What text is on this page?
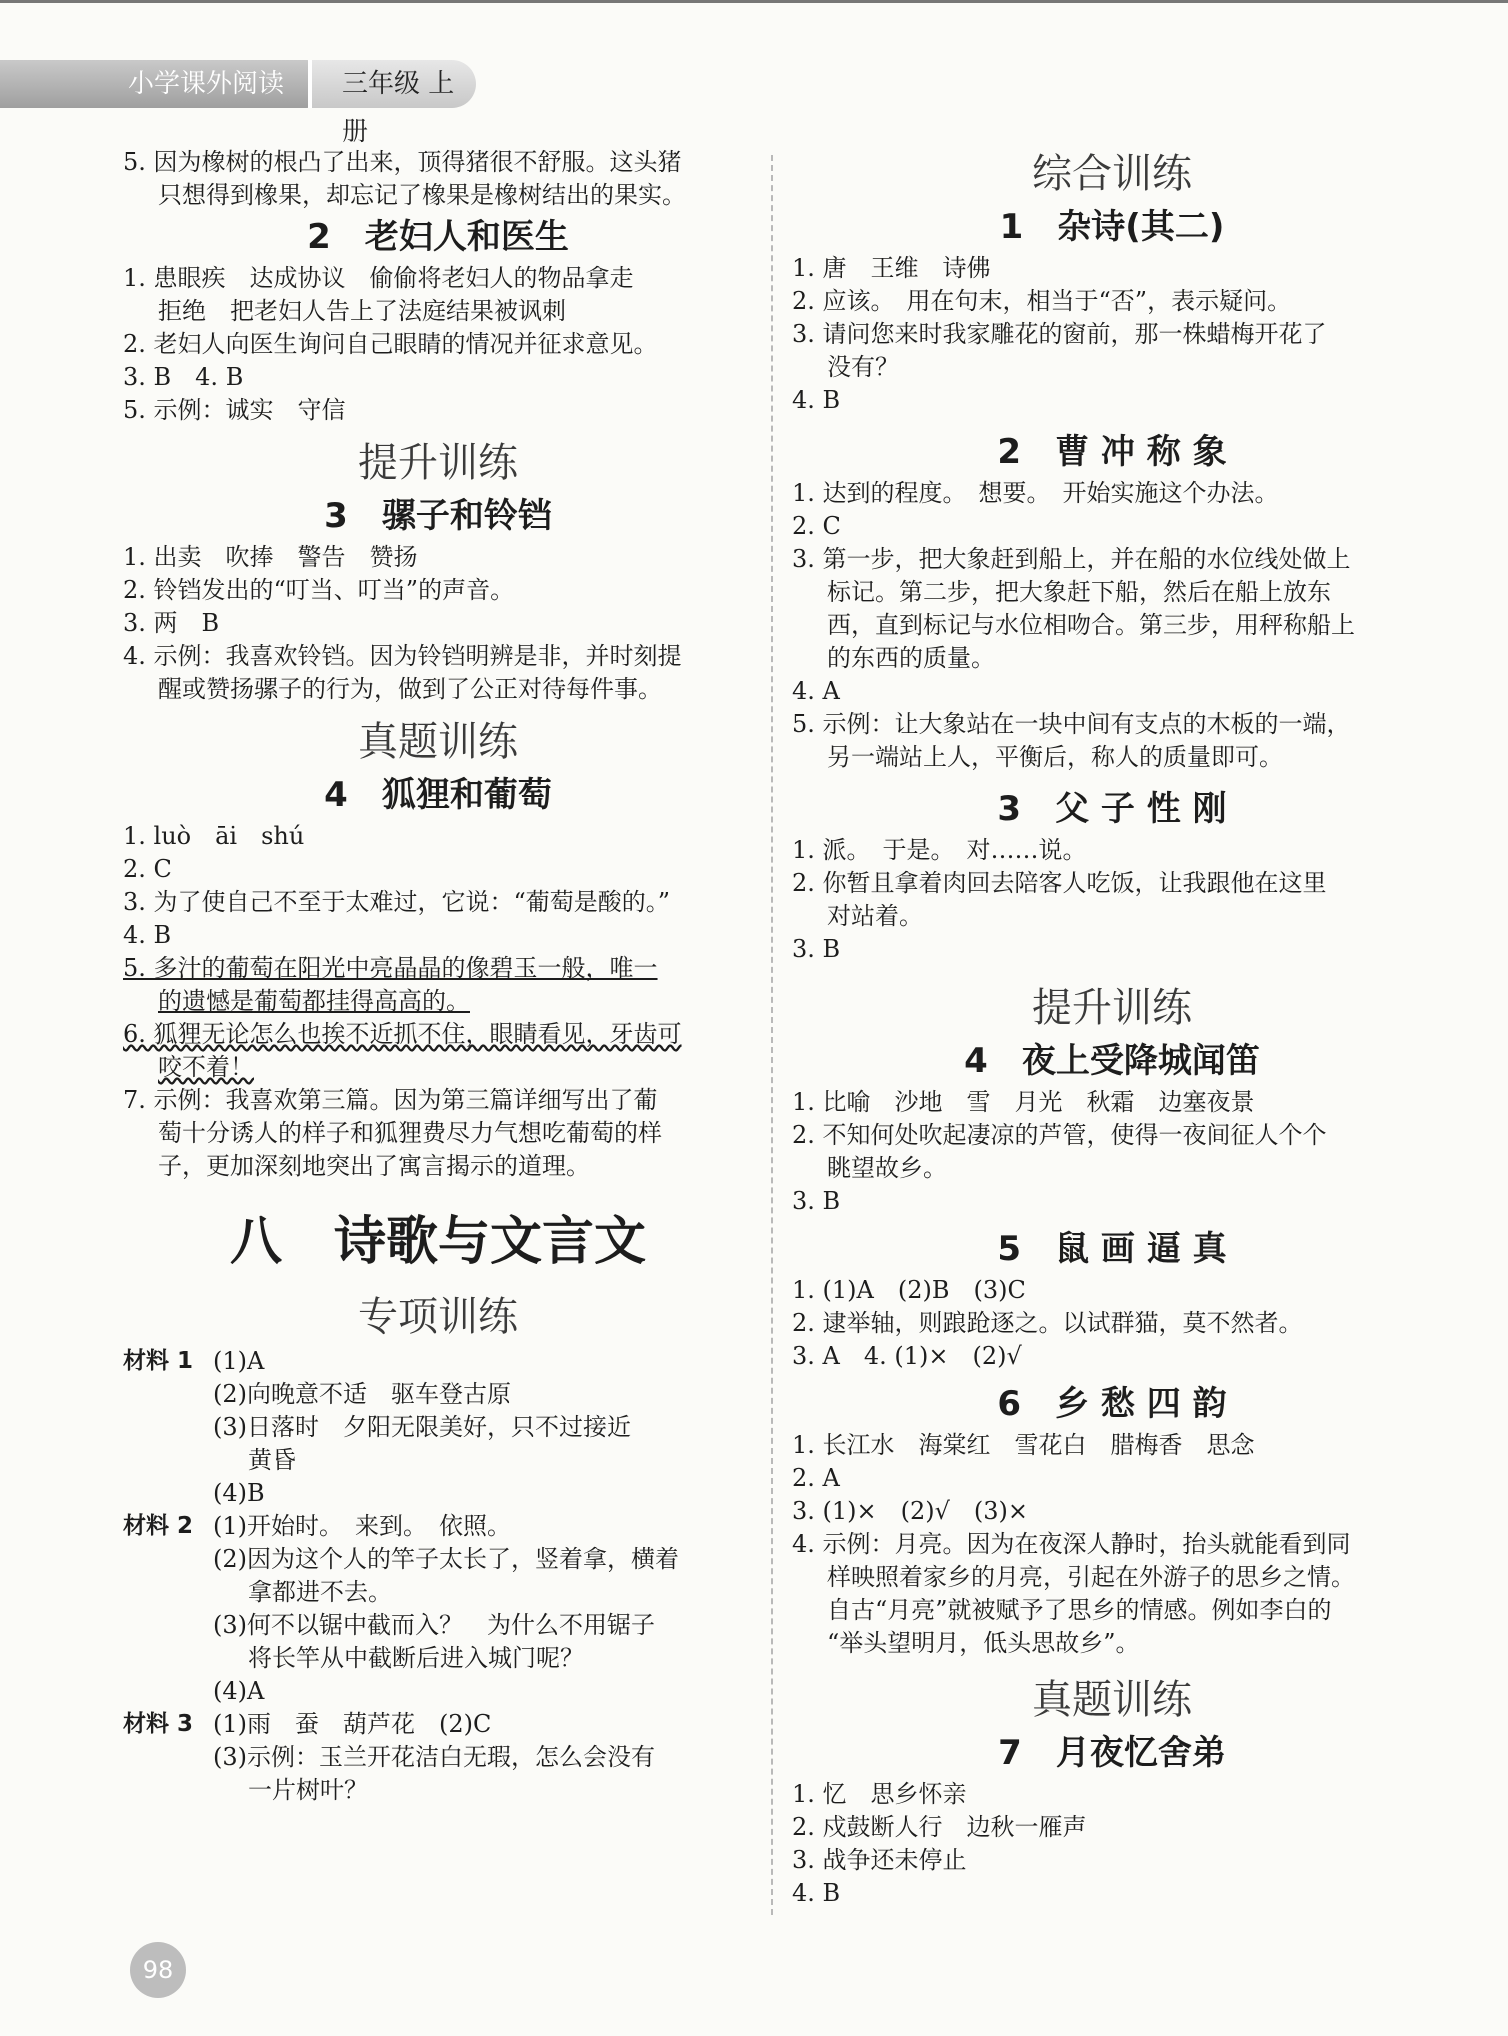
小学课外阅读	三年级 上册
5. 因为橡树的根凸了出来，顶得猪很不舒服。这头猪
只想得到橡果，却忘记了橡果是橡树结出的果实。
2　老妇人和医生
1. 患眼疾　达成协议　偷偷将老妇人的物品拿走
拒绝　把老妇人告上了法庭结果被讽刺
2. 老妇人向医生询问自己眼睛的情况并征求意见。
3. B　4. B
5. 示例：诚实　守信
提升训练
3　骡子和铃铛
1. 出卖　吹捧　警告　赞扬
2. 铃铛发出的“叮当、叮当”的声音。
3. 两　B
4. 示例：我喜欢铃铛。因为铃铛明辨是非，并时刻提
醒或赞扬骡子的行为，做到了公正对待每件事。
真题训练
4　狐狸和葡萄
1. luò　āi　shú
2. C
3. 为了使自己不至于太难过，它说：“葡萄是酸的。”
4. B
5. 多汁的葡萄在阳光中亮晶晶的像碧玉一般，唯一
的遗憾是葡萄都挂得高高的。
6. 狐狸无论怎么也挨不近抓不住，眼睛看见，牙齿可
咬不着！
7. 示例：我喜欢第三篇。因为第三篇详细写出了葡
萄十分诱人的样子和狐狸费尽力气想吃葡萄的样
子，更加深刻地突出了寓言揭示的道理。
八　诗歌与文言文
专项训练
材料 1 (1)A
(2)向晚意不适　驱车登古原
(3)日落时　夕阳无限美好，只不过接近
黄昏
(4)B
材料 2 (1)开始时。　来到。　依照。
(2)因为这个人的竿子太长了，竖着拿，横着
拿都进不去。
(3)何不以锯中截而入？　为什么不用锯子
将长竿从中截断后进入城门呢？
(4)A
材料 3 (1)雨　蚕　葫芦花　(2)C
(3)示例：玉兰开花洁白无瑕，怎么会没有
一片树叶？
综合训练
1　杂诗(其二)
1. 唐　王维　诗佛
2. 应该。　用在句末，相当于“否”，表示疑问。
3. 请问您来时我家雕花的窗前，那一株蜡梅开花了
没有？
4. B
2　曹 冲 称 象
1. 达到的程度。　想要。　开始实施这个办法。
2. C
3. 第一步，把大象赶到船上，并在船的水位线处做上
标记。第二步，把大象赶下船，然后在船上放东
西，直到标记与水位相吻合。第三步，用秤称船上
的东西的质量。
4. A
5. 示例：让大象站在一块中间有支点的木板的一端，
另一端站上人，平衡后，称人的质量即可。
3　父 子 性 刚
1. 派。　于是。　对……说。
2. 你暂且拿着肉回去陪客人吃饭，让我跟他在这里
对站着。
3. B
提升训练
4　夜上受降城闻笛
1. 比喻　沙地　雪　月光　秋霜　边塞夜景
2. 不知何处吹起凄凉的芦管，使得一夜间征人个个
眺望故乡。
3. B
5　鼠 画 逼 真
1. (1)A　(2)B　(3)C
2. 逮举轴，则踉跄逐之。以试群猫，莫不然者。
3. A　4. (1)×　(2)√
6　乡 愁 四 韵
1. 长江水　海棠红　雪花白　腊梅香　思念
2. A
3. (1)×　(2)√　(3)×
4. 示例：月亮。因为在夜深人静时，抬头就能看到同
样映照着家乡的月亮，引起在外游子的思乡之情。
自古“月亮”就被赋予了思乡的情感。例如李白的
“举头望明月，低头思故乡”。
真题训练
7　月夜忆舍弟
1. 忆　思乡怀亲
2. 戍鼓断人行　边秋一雁声
3. 战争还未停止
4. B
98
